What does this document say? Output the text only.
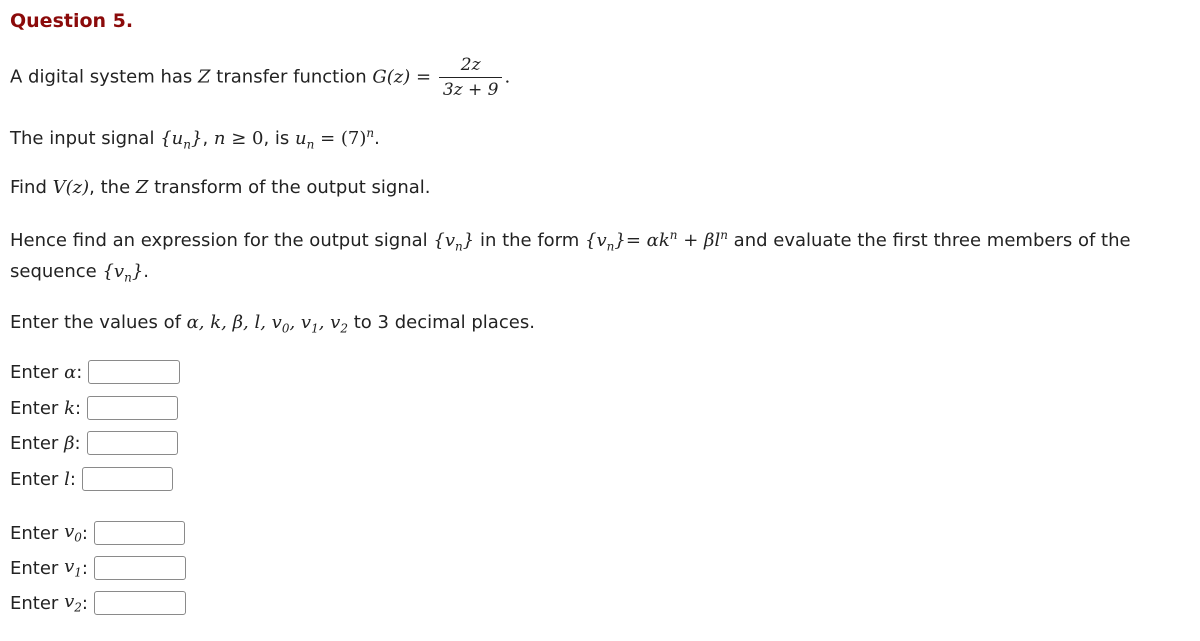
Question 5.
A digital system has Z transfer function $G(z) = \frac{2z}{3z + 9}$ .
The input signal $\{u_n\}$, n ≥ 0, is $u_n = (7)^n$.
Find V(z), the Z transform of the output signal.
Hence find an expression for the output signal $\{v_n\}$ in the form $\{v_n\}= \alpha k^n + \beta l^n$ and evaluate the first three members of the
sequence $\{v_n\}$.
Enter the values of α, k, β, l, $v_0$, $v_1$, $v_2$ to 3 decimal places.
Enter
α :
Enter
k :
Enter
β :
Enter
l :
Enter
$v_0$ :
Enter
$v_1$ :
Enter
$v_2$ :
